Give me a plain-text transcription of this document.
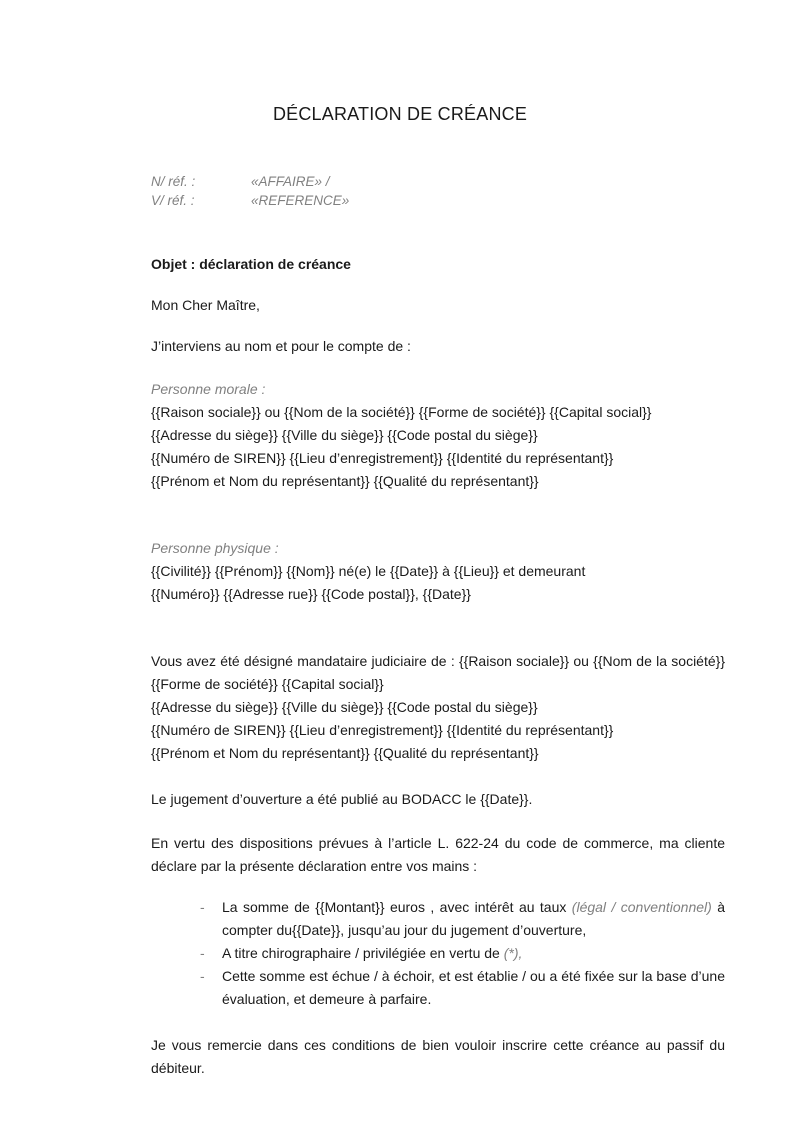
DÉCLARATION DE CRÉANCE
N/ réf. :	«AFFAIRE» /
V/ réf. :	«REFERENCE»

Objet : déclaration de créance

Mon Cher Maître,

J’interviens au nom et pour le compte de :

Personne morale :

{{Raison sociale}} ou {{Nom de la société}} {{Forme de société}} {{Capital social}}

{{Adresse du siège}} {{Ville du siège}} {{Code postal du siège}}

{{Numéro de SIREN}} {{Lieu d’enregistrement}} {{Identité du représentant}}

{{Prénom et Nom du représentant}} {{Qualité du représentant}}

Personne physique :

{{Civilité}} {{Prénom}} {{Nom}} né(e) le {{Date}} à {{Lieu}} et demeurant

{{Numéro}} {{Adresse rue}} {{Code postal}}, {{Date}}

Vous avez été désigné mandataire judiciaire de : {{Raison sociale}} ou {{Nom de la société}} {{Forme de société}} {{Capital social}}

{{Adresse du siège}} {{Ville du siège}} {{Code postal du siège}}

{{Numéro de SIREN}} {{Lieu d’enregistrement}} {{Identité du représentant}}

{{Prénom et Nom du représentant}} {{Qualité du représentant}}

Le jugement d’ouverture a été publié au BODACC le {{Date}}.

En vertu des dispositions prévues à l’article L. 622-24 du code de commerce, ma cliente déclare par la présente déclaration entre vos mains :

- La somme de {{Montant}} euros , avec intérêt au taux (légal / conventionnel) à compter du{{Date}}, jusqu’au jour du jugement d’ouverture,
- A titre chirographaire / privilégiée en vertu de (*),
- Cette somme est échue / à échoir, et est établie / ou a été fixée sur la base d’une évaluation, et demeure à parfaire.

Je vous remercie dans ces conditions de bien vouloir inscrire cette créance au passif du débiteur.
